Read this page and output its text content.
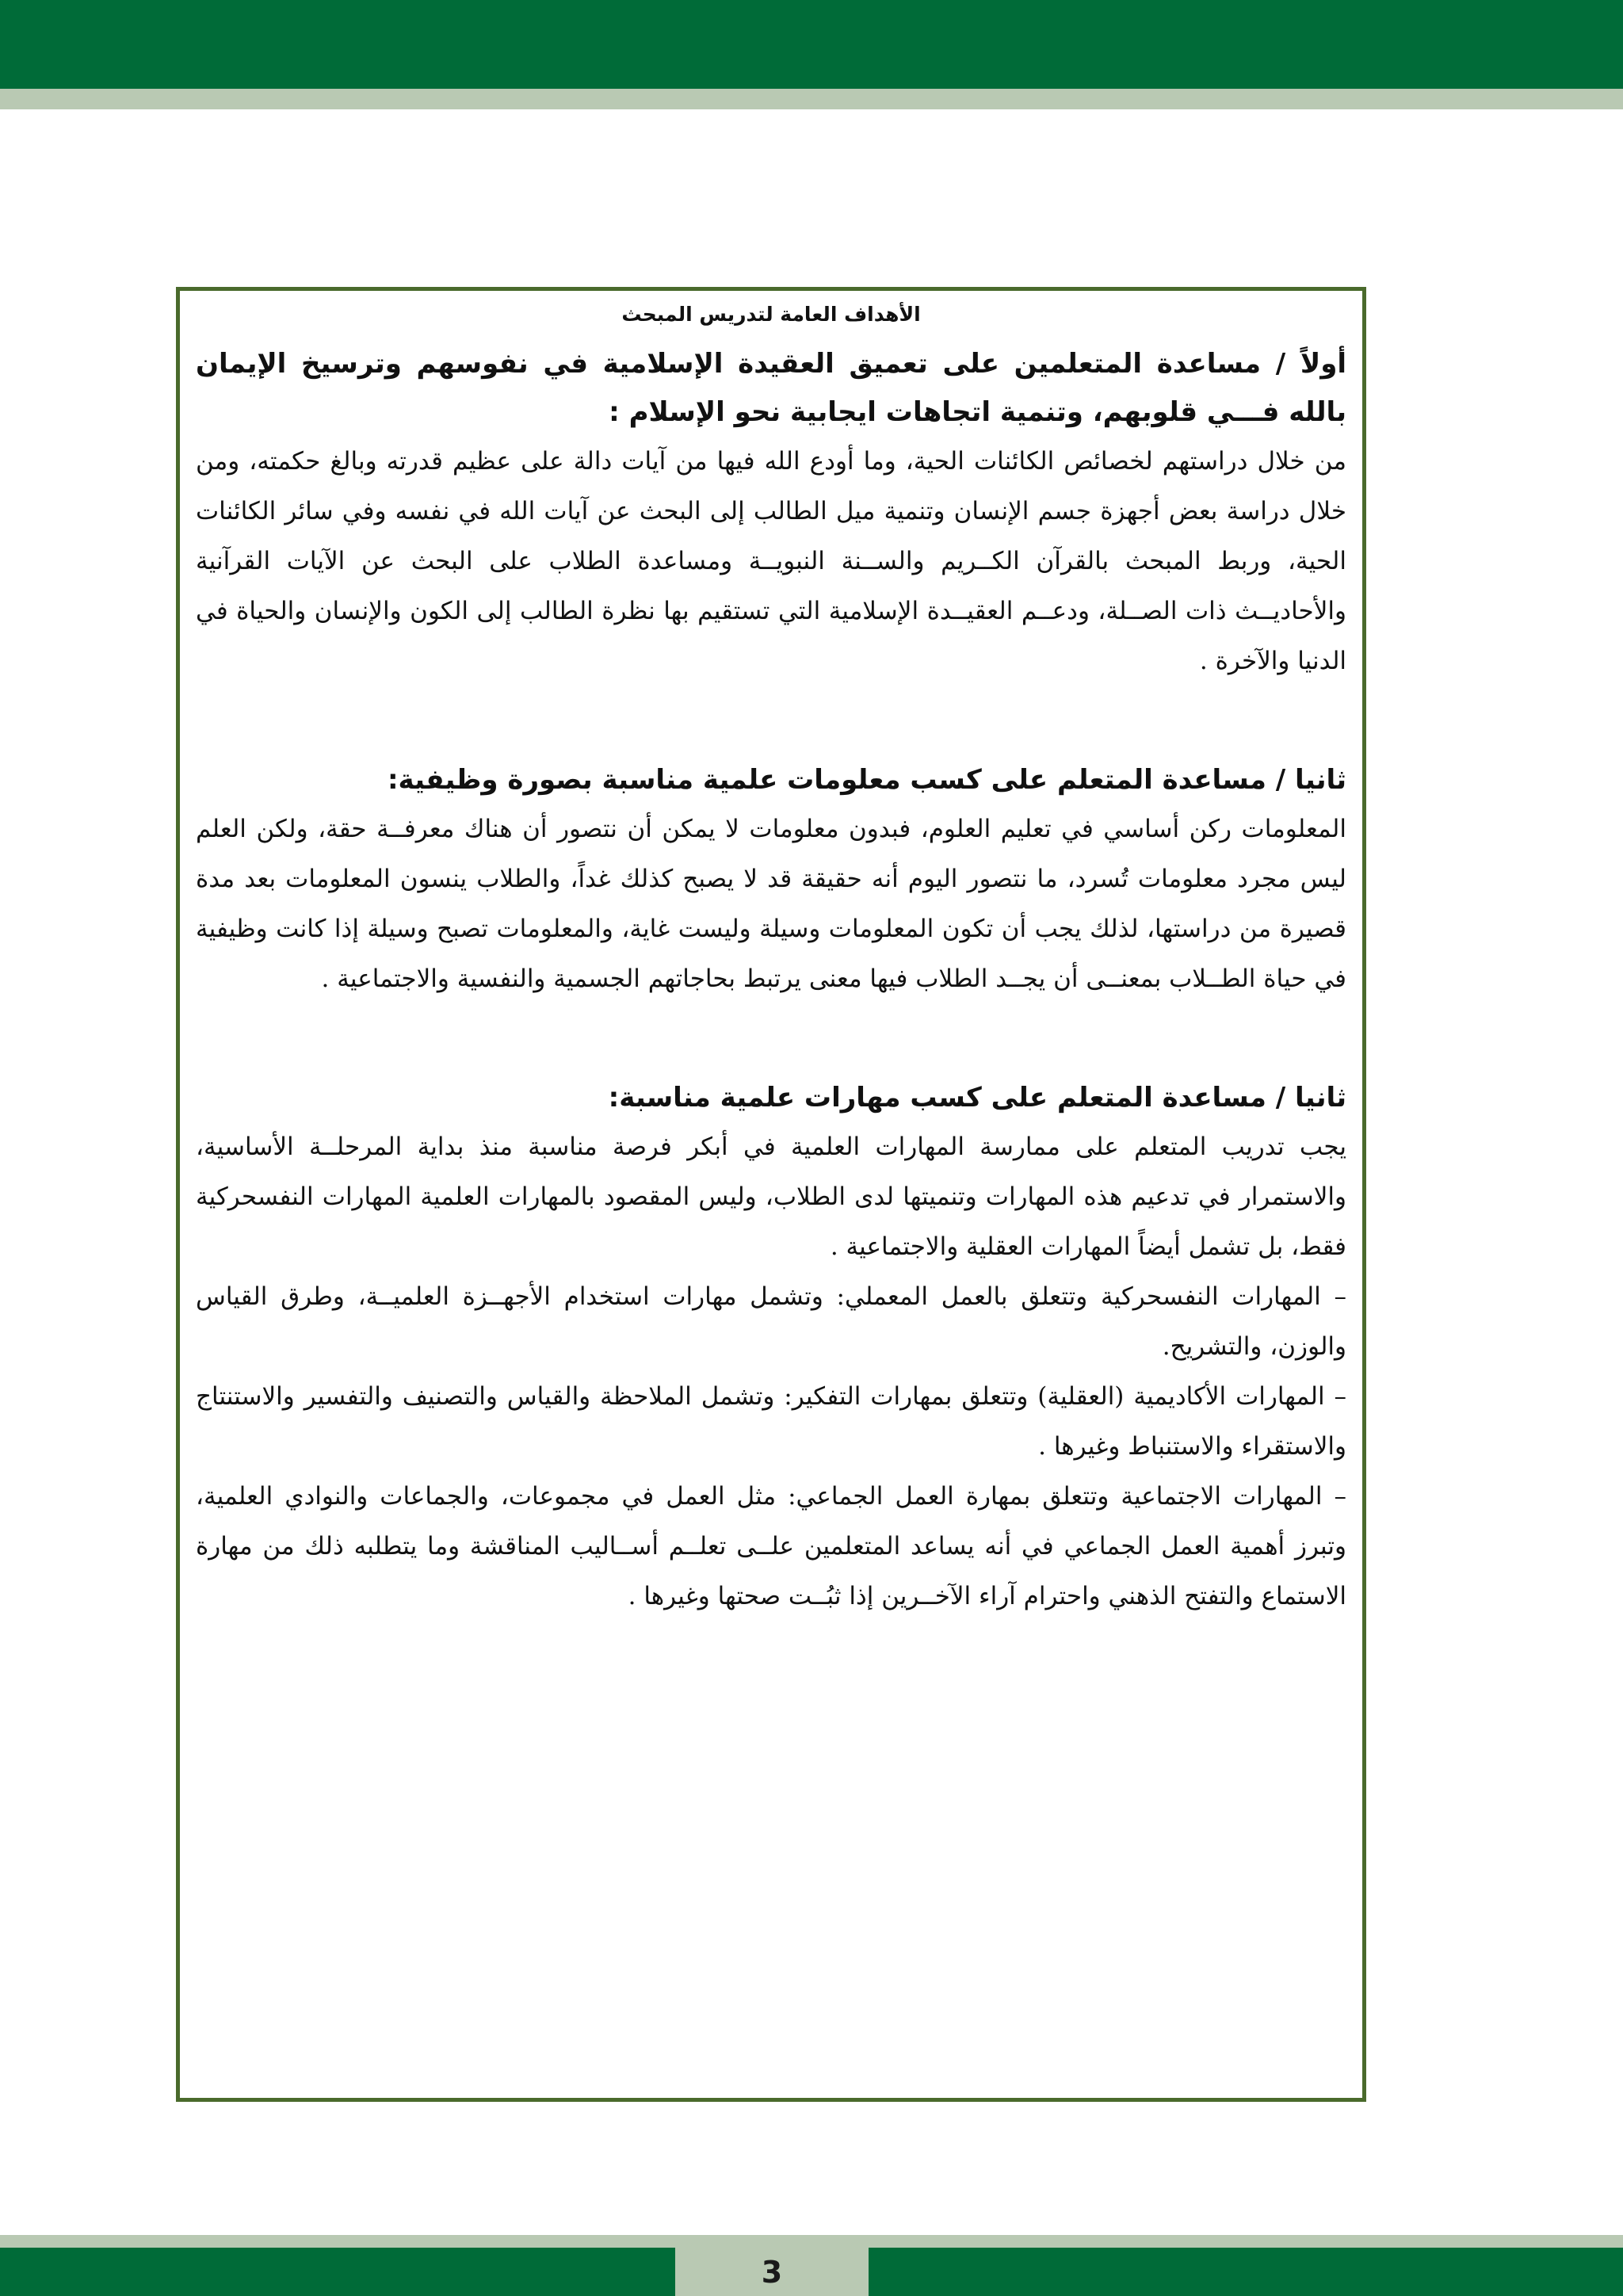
الأهداف العامة لتدريس المبحث

أولاً / مساعدة المتعلمين على تعميق العقيدة الإسلامية في نفوسهم وترسيخ الإيمان بالله فـــي قلوبهم، وتنمية اتجاهات ايجابية نحو الإسلام :

من خلال دراستهم لخصائص الكائنات الحية، وما أودع الله فيها من آيات دالة على عظيم قدرته وبالغ حكمته، ومن خلال دراسة بعض أجهزة جسم الإنسان وتنمية ميل الطالب إلى البحث عن آيات الله في نفسه وفي سائر الكائنات الحية، وربط المبحث بالقرآن الكــريم والســنة النبويــة ومساعدة الطلاب على البحث عن الآيات القرآنية والأحاديــث ذات الصــلة، ودعــم العقيــدة الإسلامية التي تستقيم بها نظرة الطالب إلى الكون والإنسان والحياة في الدنيا والآخرة .

ثانيا / مساعدة المتعلم على كسب معلومات علمية مناسبة بصورة وظيفية:

المعلومات ركن أساسي في تعليم العلوم، فبدون معلومات لا يمكن أن نتصور أن هناك معرفــة حقة، ولكن العلم ليس مجرد معلومات تُسرد، ما نتصور اليوم أنه حقيقة قد لا يصبح كذلك غداً، والطلاب ينسون المعلومات بعد مدة قصيرة من دراستها، لذلك يجب أن تكون المعلومات وسيلة وليست غاية، والمعلومات تصبح وسيلة إذا كانت وظيفية في حياة الطــلاب بمعنــى أن يجــد الطلاب فيها معنى يرتبط بحاجاتهم الجسمية والنفسية والاجتماعية .

ثانيا / مساعدة المتعلم على كسب مهارات علمية مناسبة:

يجب تدريب المتعلم على ممارسة المهارات العلمية في أبكر فرصة مناسبة منذ بداية المرحلــة الأساسية، والاستمرار في تدعيم هذه المهارات وتنميتها لدى الطلاب، وليس المقصود بالمهارات العلمية المهارات النفسحركية فقط، بل تشمل أيضاً المهارات العقلية والاجتماعية .

– المهارات النفسحركية وتتعلق بالعمل المعملي: وتشمل مهارات استخدام الأجهــزة العلميــة، وطرق القياس والوزن، والتشريح.

– المهارات الأكاديمية (العقلية) وتتعلق بمهارات التفكير: وتشمل الملاحظة والقياس والتصنيف والتفسير والاستنتاج والاستقراء والاستنباط وغيرها .

– المهارات الاجتماعية وتتعلق بمهارة العمل الجماعي: مثل العمل في مجموعات، والجماعات والنوادي العلمية، وتبرز أهمية العمل الجماعي في أنه يساعد المتعلمين علــى تعلــم أســاليب المناقشة وما يتطلبه ذلك من مهارة الاستماع والتفتح الذهني واحترام آراء الآخــرين إذا ثبُــت صحتها وغيرها .

3
